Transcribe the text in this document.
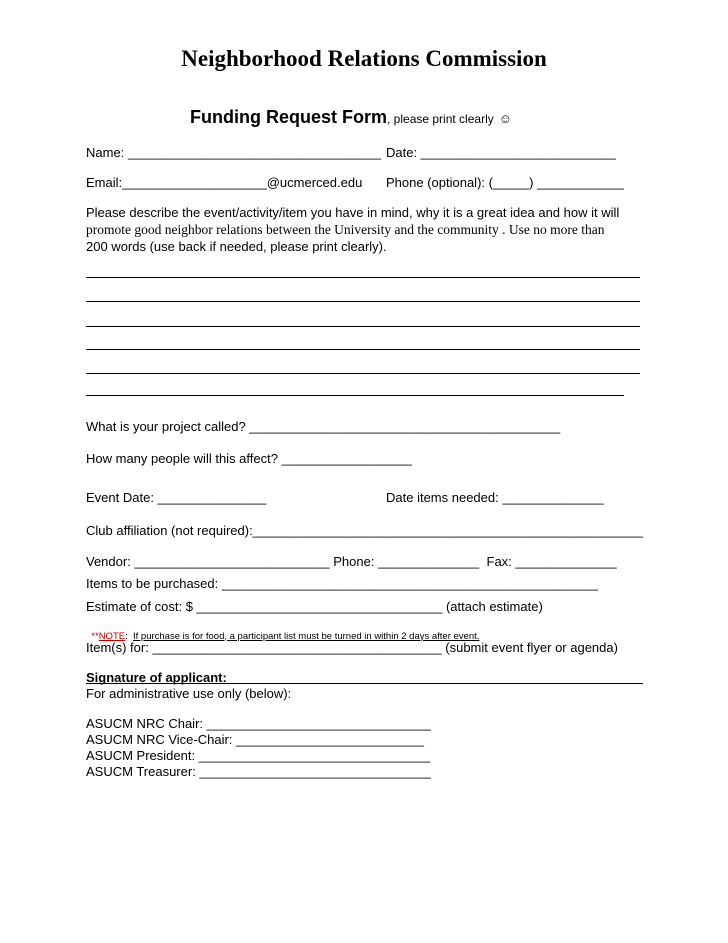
Neighborhood Relations Commission

Funding Request Form, please print clearly ☺

Name: ___________________________________ Date: ___________________________
Email:____________________@ucmerced.edu Phone (optional): (_____) ____________
Please describe the event/activity/item you have in mind, why it is a great idea and how it will
promote good neighbor relations between the University and the community . Use no more than
200 words (use back if needed, please print clearly).
What is your project called? ___________________________________________
How many people will this affect? __________________
Event Date: _______________	Date items needed: ______________
Club affiliation (not required):______________________________________________________
Vendor: ___________________________ Phone: ______________  Fax: ______________
Items to be purchased: ____________________________________________________
Estimate of cost: $ __________________________________ (attach estimate)

**NOTE: If purchase is for food, a participant list must be turned in within 2 days after event.

Item(s) for: ________________________________________ (submit event flyer or agenda)
Signature of applicant:
For administrative use only (below):
ASUCM NRC Chair: _______________________________
ASUCM NRC Vice-Chair: __________________________
ASUCM President: ________________________________
ASUCM Treasurer: ________________________________
